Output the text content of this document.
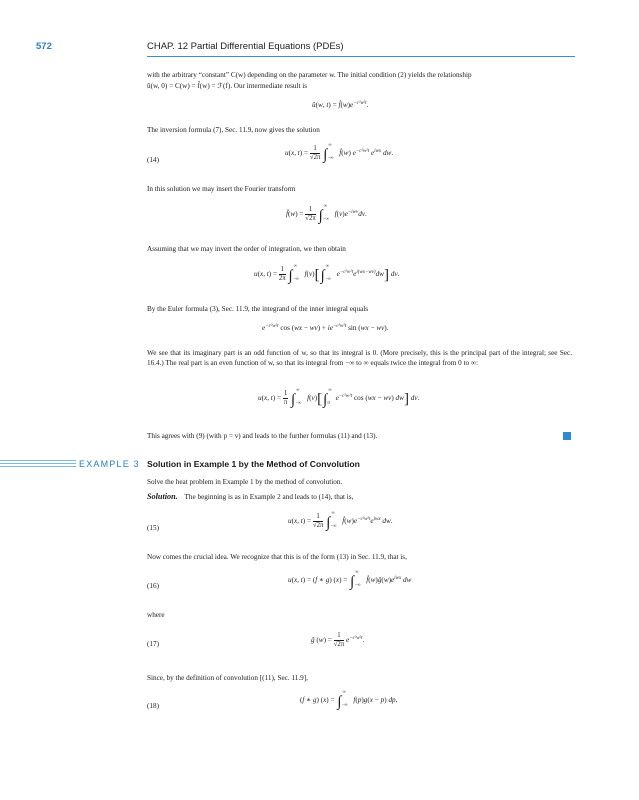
572	CHAP. 12 Partial Differential Equations (PDEs)
with the arbitrary “constant” C(w) depending on the parameter w. The initial condition (2) yields the relationship
û(w, 0) = C(w) = f̂(w) = ℱ(f). Our intermediate result is
û(w, $t) = f̂(w)e^{-c^2w^2t}$.
The inversion formula (7), Sec. 11.9, now gives the solution
(14)
u(x, $t) = \frac{1}{√2\pi} \int^\infty_{-\infty}$ f̂(w) $e^{-c^2w^2t}$ $e^{iwx}$ dw.
In this solution we may insert the Fourier transform
f̂(w) = $\frac{1}{√2\pi} \int^\infty_{-\infty}$ $f(v)e^{-iwv}dv$.
Assuming that we may invert the order of integration, we then obtain
u(x, $t) = \frac{1}{2\pi} \int^\infty_{-\infty}$ $f(v)[\int^\infty_{-\infty}$ $e^{-c^2w^2t}e^{i(wx-wv)}dw$] dv.
By the Euler formula (3), Sec. 11.9, the integrand of the inner integral equals
$e^{-c^2w^2t}$ $\cos (wx - wv) + ie^{-c^2w^2t}$ sin (wx − wv).
We see that its imaginary part is an odd function of w, so that its integral is 0. (More precisely, this is the principal part of the integral; see Sec. 16.4.) The real part is an even function of w, so that its integral from −∞ to ∞ equals twice the integral from 0 to ∞:
u(x, $t) = \frac{1}{\pi} \int^\infty_{-\infty}$ $f(v)[\int^\infty_0$ $e^{-c^2w^2t}$ cos (wx − wv) dw] dv.
This agrees with (9) (with p = v) and leads to the further formulas (11) and (13).
EXAMPLE 3 Solution in Example 1 by the Method of Convolution
Solve the heat problem in Example 1 by the method of convolution.
Solution. The beginning is as in Example 2 and leads to (14), that is,
(15)
u(x, $t) = \frac{1}{√2\pi} \int^\infty_{-\infty}$ $f̂(w)e^{-c^2w^2t}e^{iwx}$ dw.
Now comes the crucial idea. We recognize that this is of the form (13) in Sec. 11.9, that is,
(16)
u(x, t) = (f ∗ g) $(x) = \int^\infty_{-\infty}$ $f̂(w)ĝ(w)e^{iwx}$ dw
where
(17)	ĝ $(w) = \frac{1}{√2\pi} e^{-c^2w^2t}$.
Since, by the definition of convolution [(11), Sec. 11.9],
(18)
(f ∗ g) $(x) = \int^\infty_{-\infty}$ f(p)g(x − p) dp,
